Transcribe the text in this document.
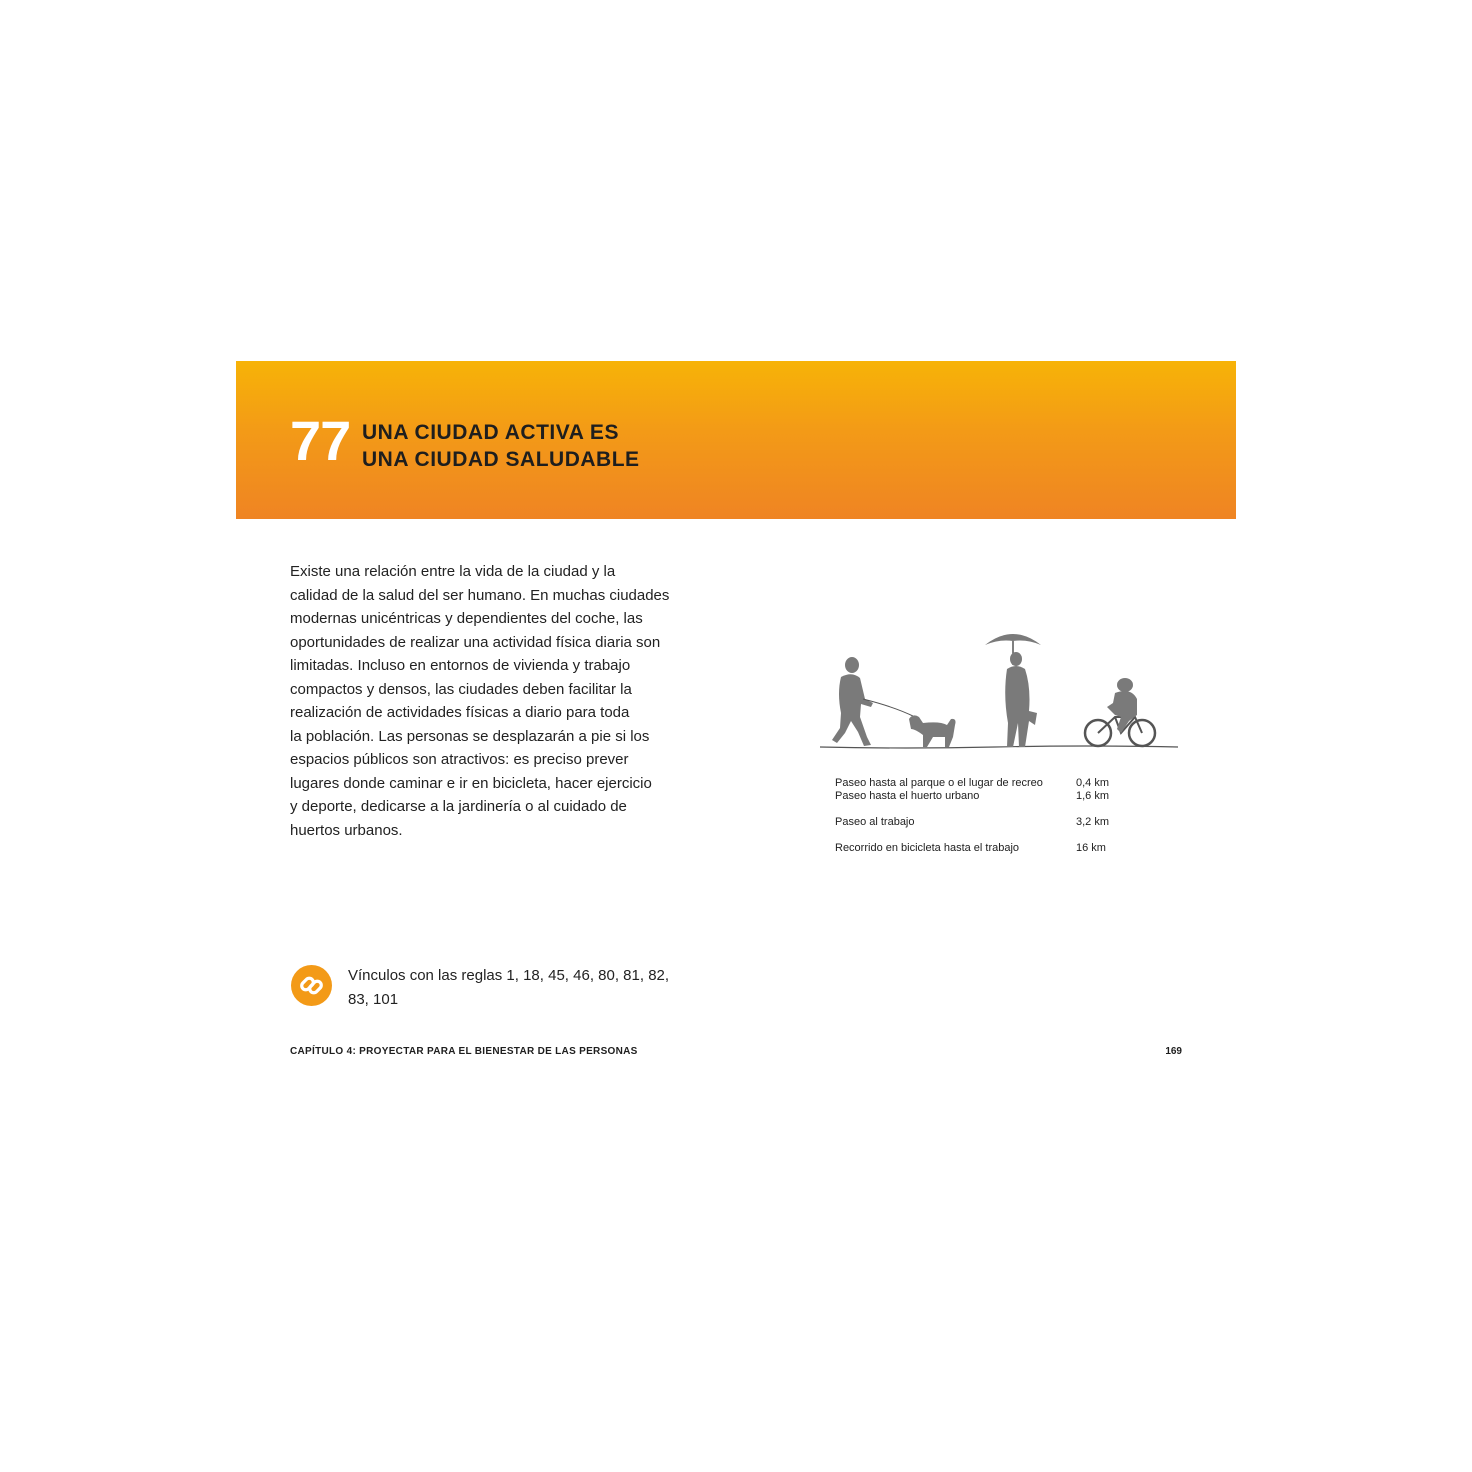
77 UNA CIUDAD ACTIVA ES
UNA CIUDAD SALUDABLE
Existe una relación entre la vida de la ciudad y la
calidad de la salud del ser humano. En muchas ciudades
modernas unicéntricas y dependientes del coche, las
oportunidades de realizar una actividad física diaria son
limitadas. Incluso en entornos de vivienda y trabajo
compactos y densos, las ciudades deben facilitar la
realización de actividades físicas a diario para toda
la población. Las personas se desplazarán a pie si los
espacios públicos son atractivos: es preciso prever
lugares donde caminar e ir en bicicleta, hacer ejercicio
y deporte, dedicarse a la jardinería o al cuidado de
huertos urbanos.
Paseo hasta al parque o el lugar de recreo	0,4 km
Paseo hasta el huerto urbano	1,6 km
Paseo al trabajo	3,2 km
Recorrido en bicicleta hasta el trabajo	16 km
Vínculos con las reglas 1, 18, 45, 46, 80, 81, 82,
83, 101
CAPÍTULO 4: PROYECTAR PARA EL BIENESTAR DE LAS PERSONAS	169
